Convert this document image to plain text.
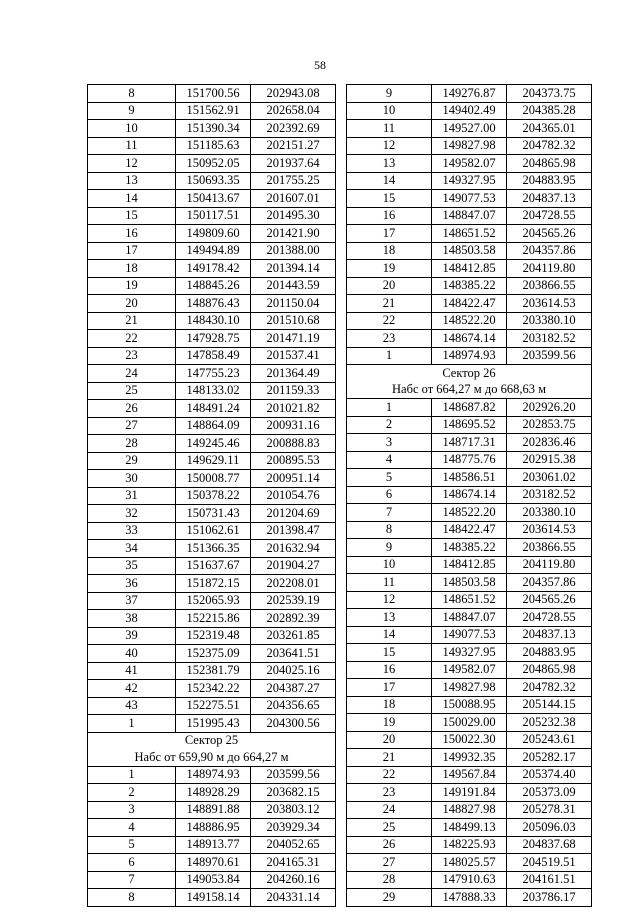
58
8	151700.56	202943.08
9	151562.91	202658.04
10	151390.34	202392.69
11	151185.63	202151.27
12	150952.05	201937.64
13	150693.35	201755.25
14	150413.67	201607.01
15	150117.51	201495.30
16	149809.60	201421.90
17	149494.89	201388.00
18	149178.42	201394.14
19	148845.26	201443.59
20	148876.43	201150.04
21	148430.10	201510.68
22	147928.75	201471.19
23	147858.49	201537.41
24	147755.23	201364.49
25	148133.02	201159.33
26	148491.24	201021.82
27	148864.09	200931.16
28	149245.46	200888.83
29	149629.11	200895.53
30	150008.77	200951.14
31	150378.22	201054.76
32	150731.43	201204.69
33	151062.61	201398.47
34	151366.35	201632.94
35	151637.67	201904.27
36	151872.15	202208.01
37	152065.93	202539.19
38	152215.86	202892.39
39	152319.48	203261.85
40	152375.09	203641.51
41	152381.79	204025.16
42	152342.22	204387.27
43	152275.51	204356.65
1	151995.43	204300.56
Сектор 25		
Набс от 659,90 м до 664,27 м		
1	148974.93	203599.56
2	148928.29	203682.15
3	148891.88	203803.12
4	148886.95	203929.34
5	148913.77	204052.65
6	148970.61	204165.31
7	149053.84	204260.16
8	149158.14	204331.14
9	149276.87	204373.75
10	149402.49	204385.28
11	149527.00	204365.01
12	149827.98	204782.32
13	149582.07	204865.98
14	149327.95	204883.95
15	149077.53	204837.13
16	148847.07	204728.55
17	148651.52	204565.26
18	148503.58	204357.86
19	148412.85	204119.80
20	148385.22	203866.55
21	148422.47	203614.53
22	148522.20	203380.10
23	148674.14	203182.52
1	148974.93	203599.56
Сектор 26		
Набс от 664,27 м до 668,63 м		
1	148687.82	202926.20
2	148695.52	202853.75
3	148717.31	202836.46
4	148775.76	202915.38
5	148586.51	203061.02
6	148674.14	203182.52
7	148522.20	203380.10
8	148422.47	203614.53
9	148385.22	203866.55
10	148412.85	204119.80
11	148503.58	204357.86
12	148651.52	204565.26
13	148847.07	204728.55
14	149077.53	204837.13
15	149327.95	204883.95
16	149582.07	204865.98
17	149827.98	204782.32
18	150088.95	205144.15
19	150029.00	205232.38
20	150022.30	205243.61
21	149932.35	205282.17
22	149567.84	205374.40
23	149191.84	205373.09
24	148827.98	205278.31
25	148499.13	205096.03
26	148225.93	204837.68
27	148025.57	204519.51
28	147910.63	204161.51
29	147888.33	203786.17
